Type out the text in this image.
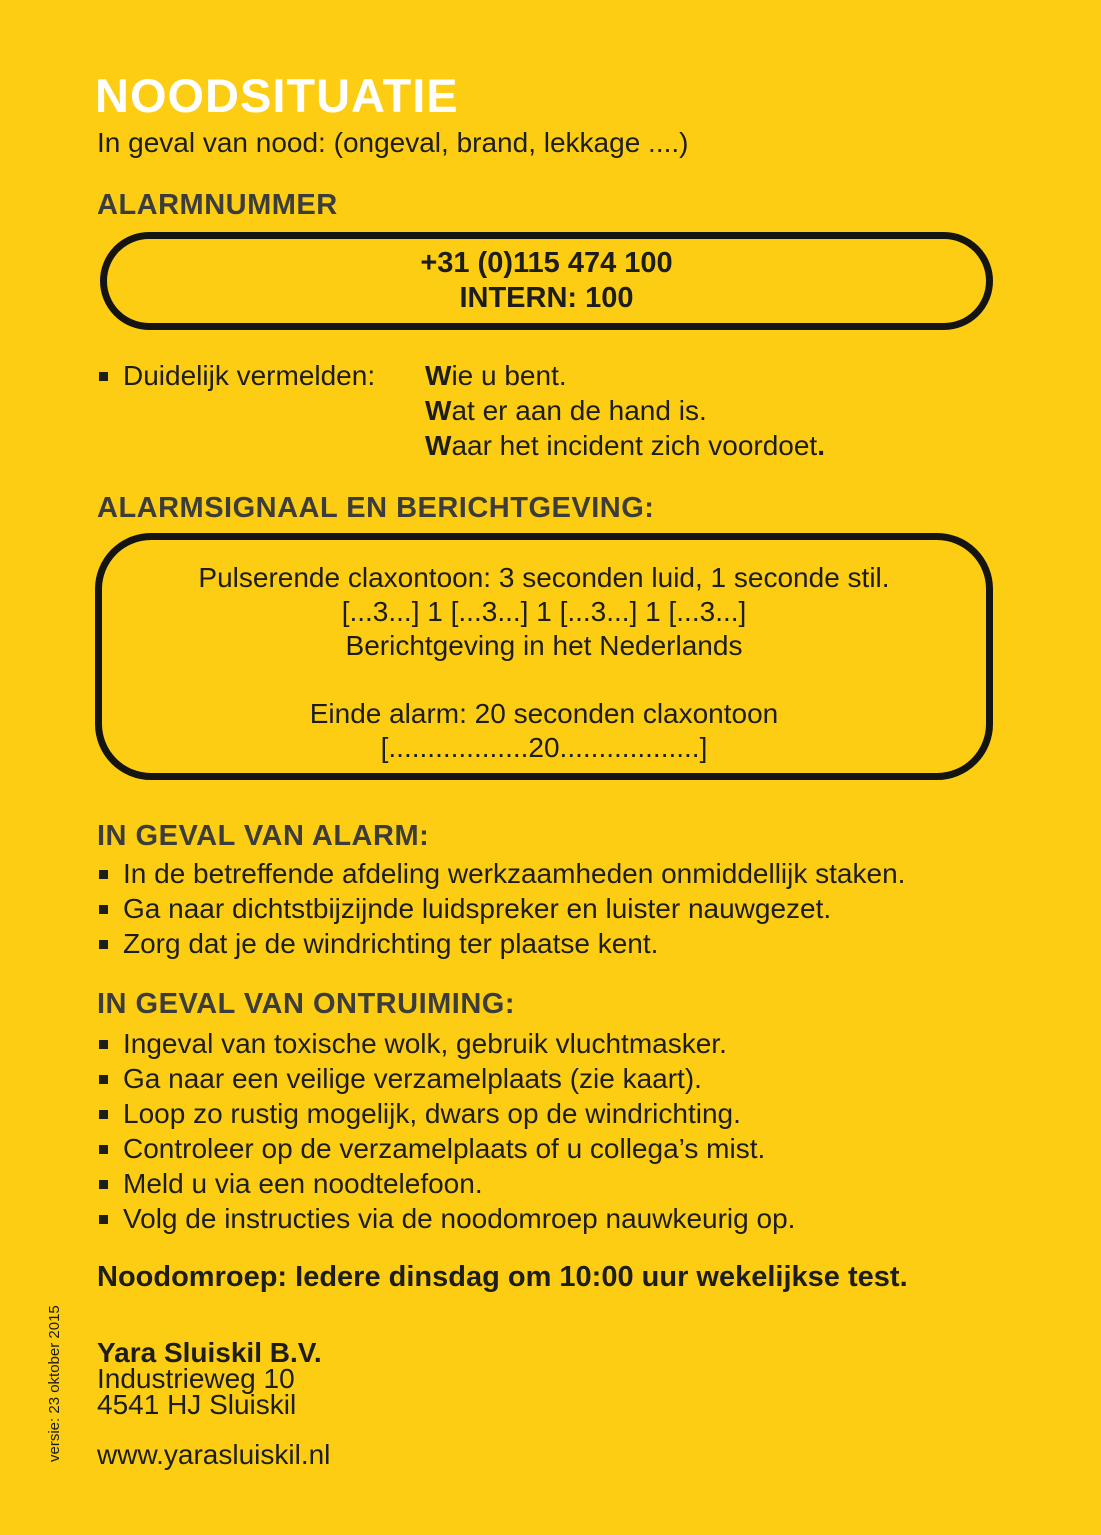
NOODSITUATIE
In geval van nood: (ongeval, brand, lekkage ....)
ALARMNUMMER
+31 (0)115 474 100
INTERN: 100
Duidelijk vermelden: Wie u bent.
Wat er aan de hand is.
Waar het incident zich voordoet.
ALARMSIGNAAL EN BERICHTGEVING:
Pulserende claxontoon: 3 seconden luid, 1 seconde stil.
[...3...] 1 [...3...] 1 [...3...] 1 [...3...]
Berichtgeving in het Nederlands
Einde alarm: 20 seconden claxontoon
[..................20..................]
IN GEVAL VAN ALARM:
In de betreffende afdeling werkzaamheden onmiddellijk staken.
Ga naar dichtstbijzijnde luidspreker en luister nauwgezet.
Zorg dat je de windrichting ter plaatse kent.
IN GEVAL VAN ONTRUIMING:
Ingeval van toxische wolk, gebruik vluchtmasker.
Ga naar een veilige verzamelplaats (zie kaart).
Loop zo rustig mogelijk, dwars op de windrichting.
Controleer op de verzamelplaats of u collega’s mist.
Meld u via een noodtelefoon.
Volg de instructies via de noodomroep nauwkeurig op.
Noodomroep: Iedere dinsdag om 10:00 uur wekelijkse test.
Yara Sluiskil B.V.
Industrieweg 10
4541 HJ Sluiskil
www.yarasluiskil.nl
versie: 23 oktober 2015
